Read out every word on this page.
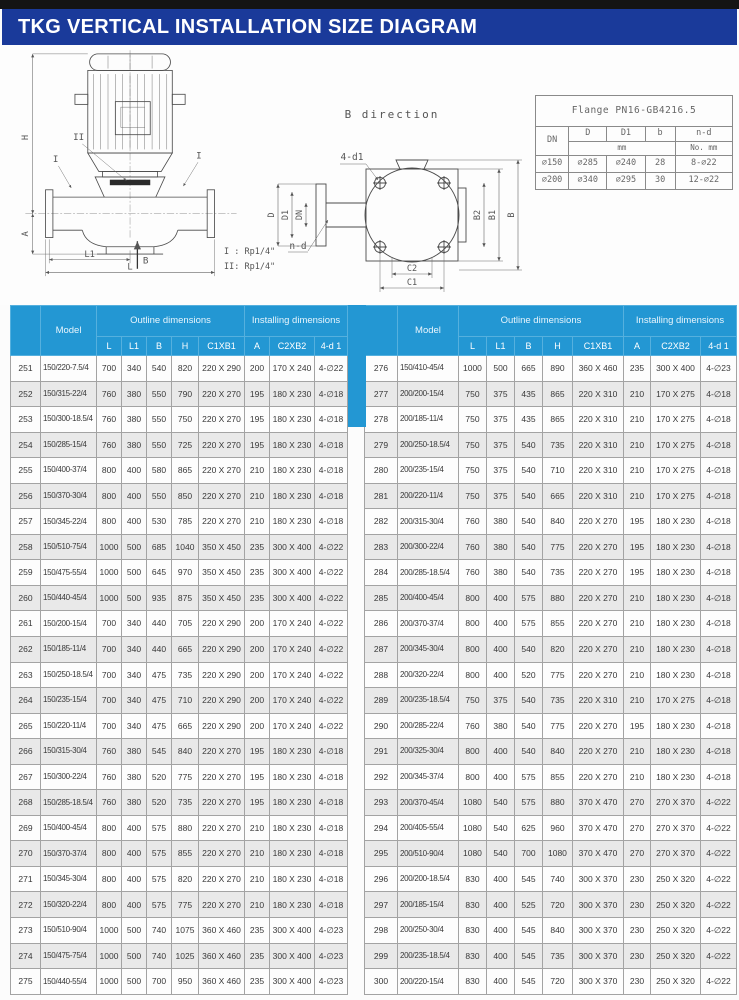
TKG VERTICAL INSTALLATION SIZE DIAGRAM
H
A
L1
L
B
I	I
II
B direction
4-d1
n-d
D D1 DN	B2 B1 B
C2
C1
I : Rp1/4"
II: Rp1/4"
Flange PN16-GB4216.5				
DN	D	D1	b	n-d
	mm			No. mm
∅150	∅285	∅240	28	8-∅22
∅200	∅340	∅295	30	12-∅22
	Model	Outline dimensions					Installing dimensions		
		L	L1	B	H	C1XB1	A	C2XB2	4-d 1
251	150/220-7.5/4	700	340	540	820	220 X 290	200	170 X 240	4-∅22
252	150/315-22/4	760	380	550	790	220 X 270	195	180 X 230	4-∅18
253	150/300-18.5/4	760	380	550	750	220 X 270	195	180 X 230	4-∅18
254	150/285-15/4	760	380	550	725	220 X 270	195	180 X 230	4-∅18
255	150/400-37/4	800	400	580	865	220 X 270	210	180 X 230	4-∅18
256	150/370-30/4	800	400	550	850	220 X 270	210	180 X 230	4-∅18
257	150/345-22/4	800	400	530	785	220 X 270	210	180 X 230	4-∅18
258	150/510-75/4	1000	500	685	1040	350 X 450	235	300 X 400	4-∅22
259	150/475-55/4	1000	500	645	970	350 X 450	235	300 X 400	4-∅22
260	150/440-45/4	1000	500	935	875	350 X 450	235	300 X 400	4-∅22
261	150/200-15/4	700	340	440	705	220 X 290	200	170 X 240	4-∅22
262	150/185-11/4	700	340	440	665	220 X 290	200	170 X 240	4-∅22
263	150/250-18.5/4	700	340	475	735	220 X 290	200	170 X 240	4-∅22
264	150/235-15/4	700	340	475	710	220 X 290	200	170 X 240	4-∅22
265	150/220-11/4	700	340	475	665	220 X 290	200	170 X 240	4-∅22
266	150/315-30/4	760	380	545	840	220 X 270	195	180 X 230	4-∅18
267	150/300-22/4	760	380	520	775	220 X 270	195	180 X 230	4-∅18
268	150/285-18.5/4	760	380	520	735	220 X 270	195	180 X 230	4-∅18
269	150/400-45/4	800	400	575	880	220 X 270	210	180 X 230	4-∅18
270	150/370-37/4	800	400	575	855	220 X 270	210	180 X 230	4-∅18
271	150/345-30/4	800	400	575	820	220 X 270	210	180 X 230	4-∅18
272	150/320-22/4	800	400	575	775	220 X 270	210	180 X 230	4-∅18
273	150/510-90/4	1000	500	740	1075	360 X 460	235	300 X 400	4-∅23
274	150/475-75/4	1000	500	740	1025	360 X 460	235	300 X 400	4-∅23
275	150/440-55/4	1000	500	700	950	360 X 460	235	300 X 400	4-∅23
	Model	Outline dimensions					Installing dimensions		
		L	L1	B	H	C1XB1	A	C2XB2	4-d 1
276	150/410-45/4	1000	500	665	890	360 X 460	235	300 X 400	4-∅23
277	200/200-15/4	750	375	435	865	220 X 310	210	170 X 275	4-∅18
278	200/185-11/4	750	375	435	865	220 X 310	210	170 X 275	4-∅18
279	200/250-18.5/4	750	375	540	735	220 X 310	210	170 X 275	4-∅18
280	200/235-15/4	750	375	540	710	220 X 310	210	170 X 275	4-∅18
281	200/220-11/4	750	375	540	665	220 X 310	210	170 X 275	4-∅18
282	200/315-30/4	760	380	540	840	220 X 270	195	180 X 230	4-∅18
283	200/300-22/4	760	380	540	775	220 X 270	195	180 X 230	4-∅18
284	200/285-18.5/4	760	380	540	735	220 X 270	195	180 X 230	4-∅18
285	200/400-45/4	800	400	575	880	220 X 270	210	180 X 230	4-∅18
286	200/370-37/4	800	400	575	855	220 X 270	210	180 X 230	4-∅18
287	200/345-30/4	800	400	540	820	220 X 270	210	180 X 230	4-∅18
288	200/320-22/4	800	400	520	775	220 X 270	210	180 X 230	4-∅18
289	200/235-18.5/4	750	375	540	735	220 X 310	210	170 X 275	4-∅18
290	200/285-22/4	760	380	540	775	220 X 270	195	180 X 230	4-∅18
291	200/325-30/4	800	400	540	840	220 X 270	210	180 X 230	4-∅18
292	200/345-37/4	800	400	575	855	220 X 270	210	180 X 230	4-∅18
293	200/370-45/4	1080	540	575	880	370 X 470	270	270 X 370	4-∅22
294	200/405-55/4	1080	540	625	960	370 X 470	270	270 X 370	4-∅22
295	200/510-90/4	1080	540	700	1080	370 X 470	270	270 X 370	4-∅22
296	200/200-18.5/4	830	400	545	740	300 X 370	230	250 X 320	4-∅22
297	200/185-15/4	830	400	525	720	300 X 370	230	250 X 320	4-∅22
298	200/250-30/4	830	400	545	840	300 X 370	230	250 X 320	4-∅22
299	200/235-18.5/4	830	400	545	735	300 X 370	230	250 X 320	4-∅22
300	200/220-15/4	830	400	545	720	300 X 370	230	250 X 320	4-∅22
